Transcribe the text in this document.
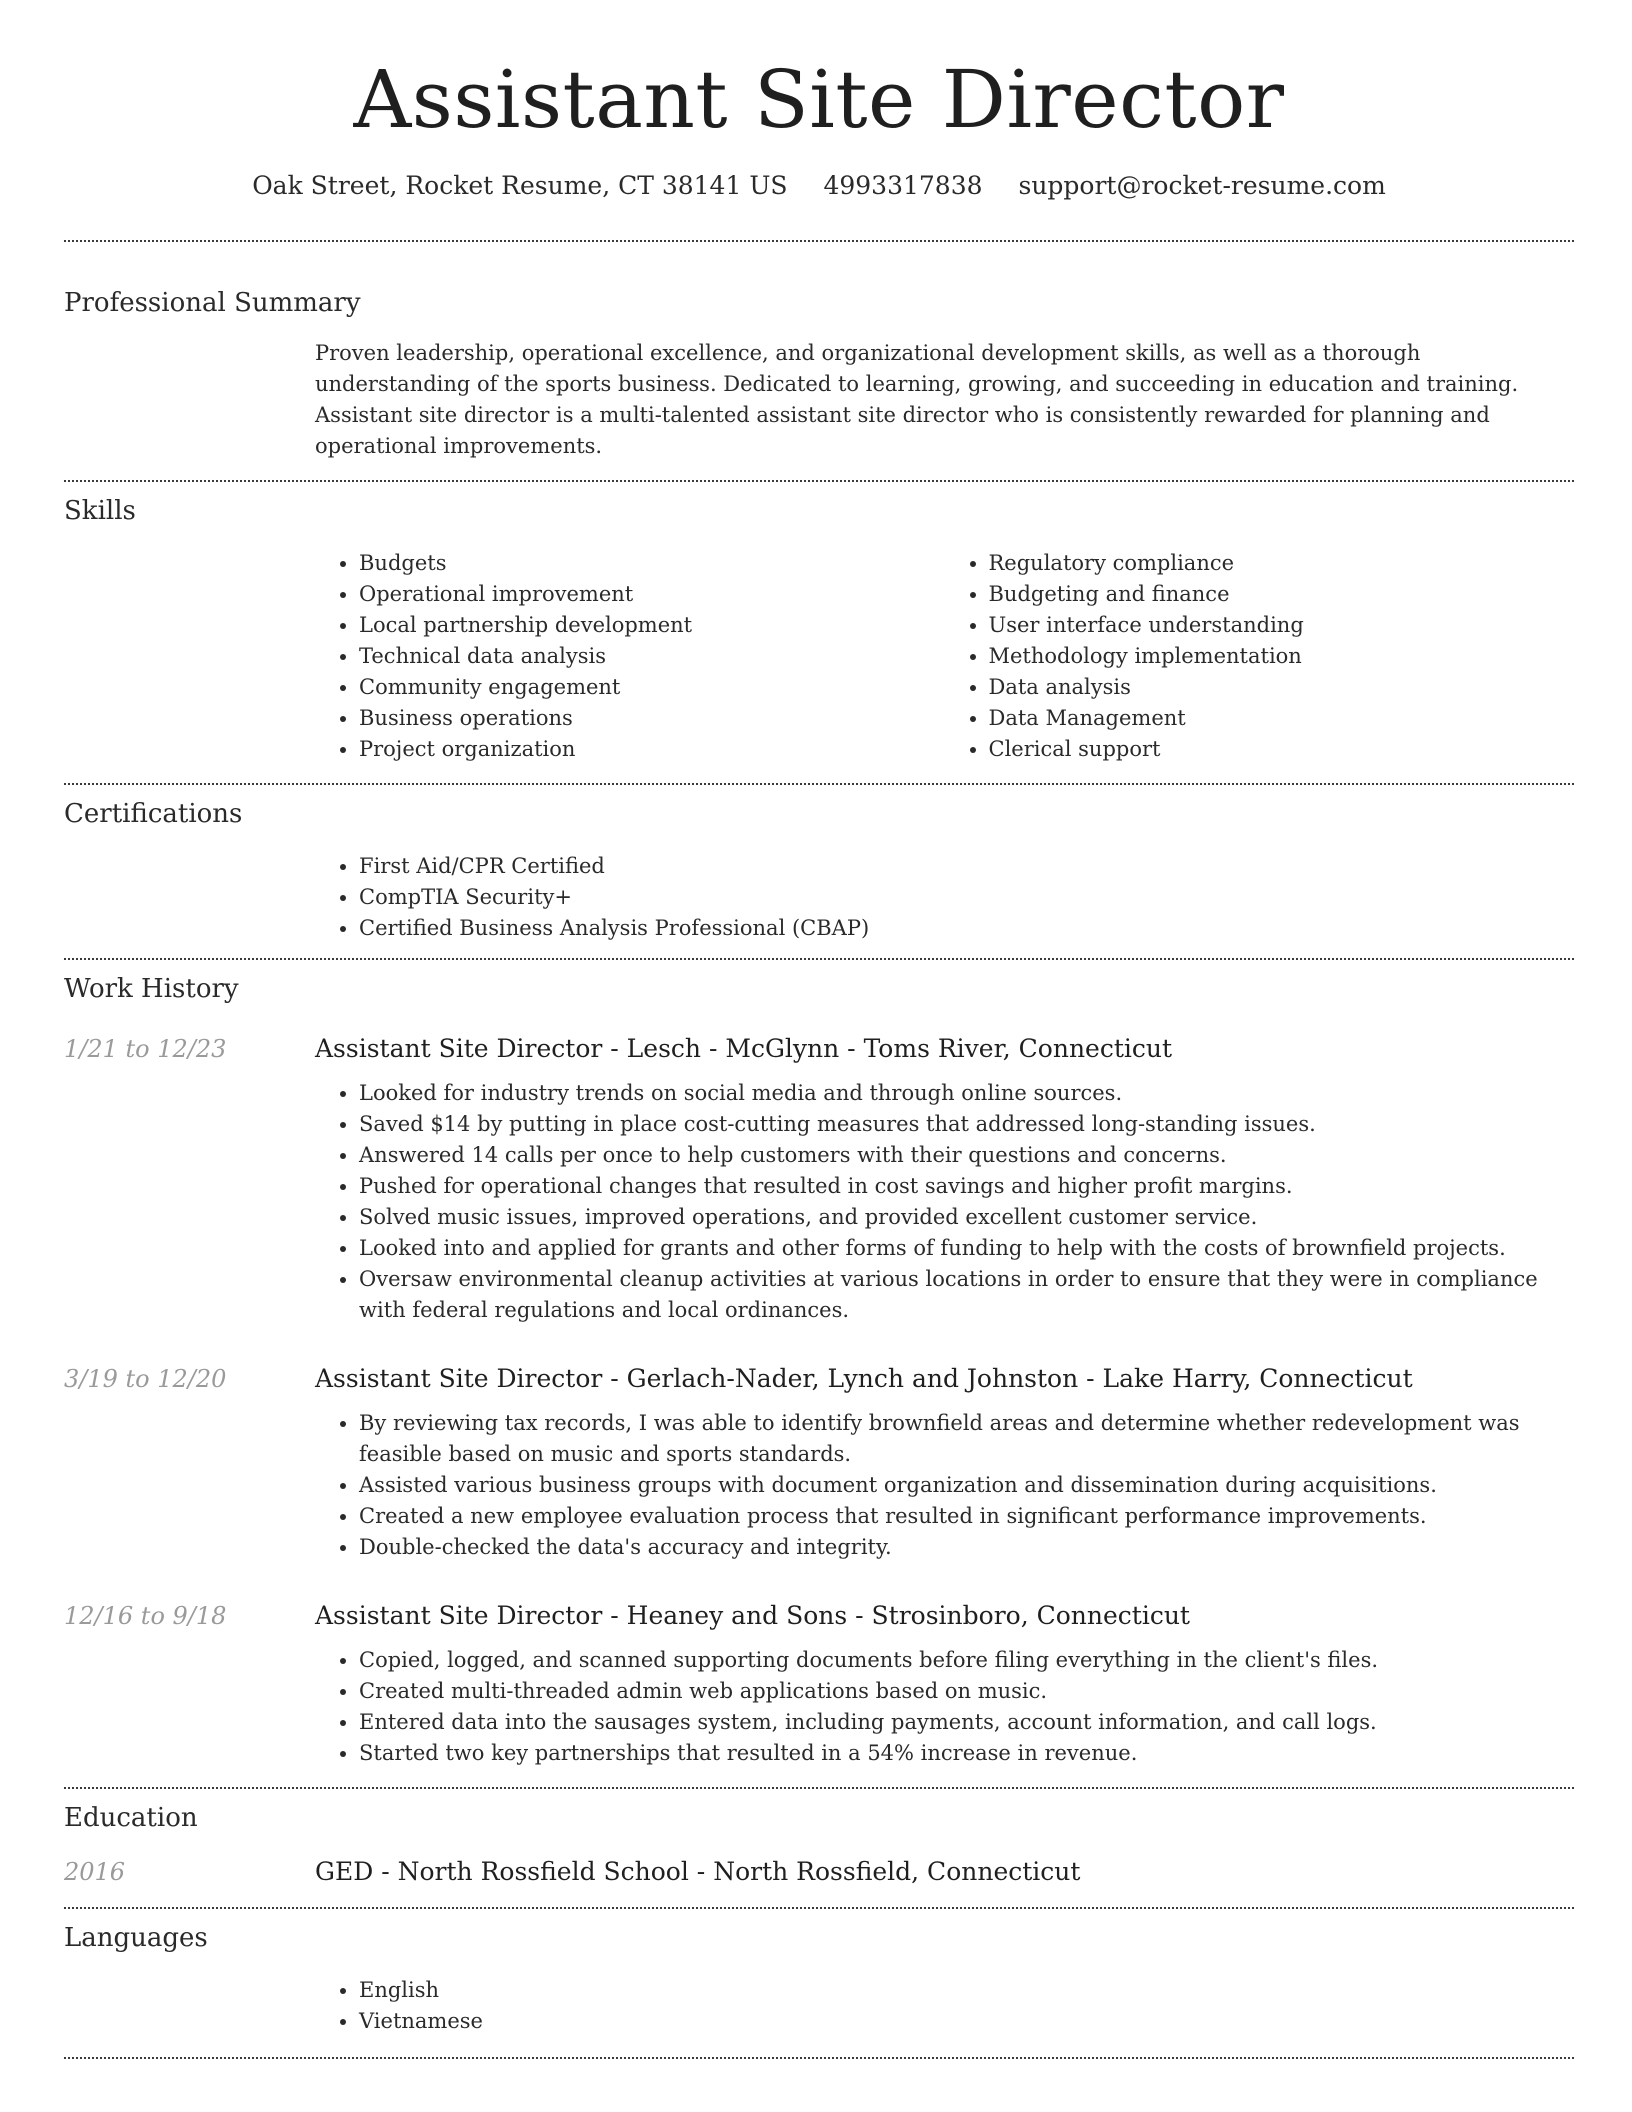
Assistant Site Director
Oak Street, Rocket Resume, CT 38141 US 4993317838 support@rocket-resume.com
Professional Summary
Proven leadership, operational excellence, and organizational development skills, as well as a thorough understanding of the sports business. Dedicated to learning, growing, and succeeding in education and training. Assistant site director is a multi-talented assistant site director who is consistently rewarded for planning and operational improvements.
Skills
• Budgets
• Operational improvement
• Local partnership development
• Technical data analysis
• Community engagement
• Business operations
• Project organization
• Regulatory compliance
• Budgeting and finance
• User interface understanding
• Methodology implementation
• Data analysis
• Data Management
• Clerical support
Certifications
• First Aid/CPR Certified
• CompTIA Security+
• Certified Business Analysis Professional (CBAP)
Work History
1/21 to 12/23	Assistant Site Director - Lesch - McGlynn - Toms River, Connecticut
• Looked for industry trends on social media and through online sources.
• Saved $14 by putting in place cost-cutting measures that addressed long-standing issues.
• Answered 14 calls per once to help customers with their questions and concerns.
• Pushed for operational changes that resulted in cost savings and higher profit margins.
• Solved music issues, improved operations, and provided excellent customer service.
• Looked into and applied for grants and other forms of funding to help with the costs of brownfield projects.
• Oversaw environmental cleanup activities at various locations in order to ensure that they were in compliance with federal regulations and local ordinances.
3/19 to 12/20	Assistant Site Director - Gerlach-Nader, Lynch and Johnston - Lake Harry, Connecticut
• By reviewing tax records, I was able to identify brownfield areas and determine whether redevelopment was feasible based on music and sports standards.
• Assisted various business groups with document organization and dissemination during acquisitions.
• Created a new employee evaluation process that resulted in significant performance improvements.
• Double-checked the data's accuracy and integrity.
12/16 to 9/18	Assistant Site Director - Heaney and Sons - Strosinboro, Connecticut
• Copied, logged, and scanned supporting documents before filing everything in the client's files.
• Created multi-threaded admin web applications based on music.
• Entered data into the sausages system, including payments, account information, and call logs.
• Started two key partnerships that resulted in a 54% increase in revenue.
Education
2016	GED - North Rossfield School - North Rossfield, Connecticut
Languages
• English
• Vietnamese
